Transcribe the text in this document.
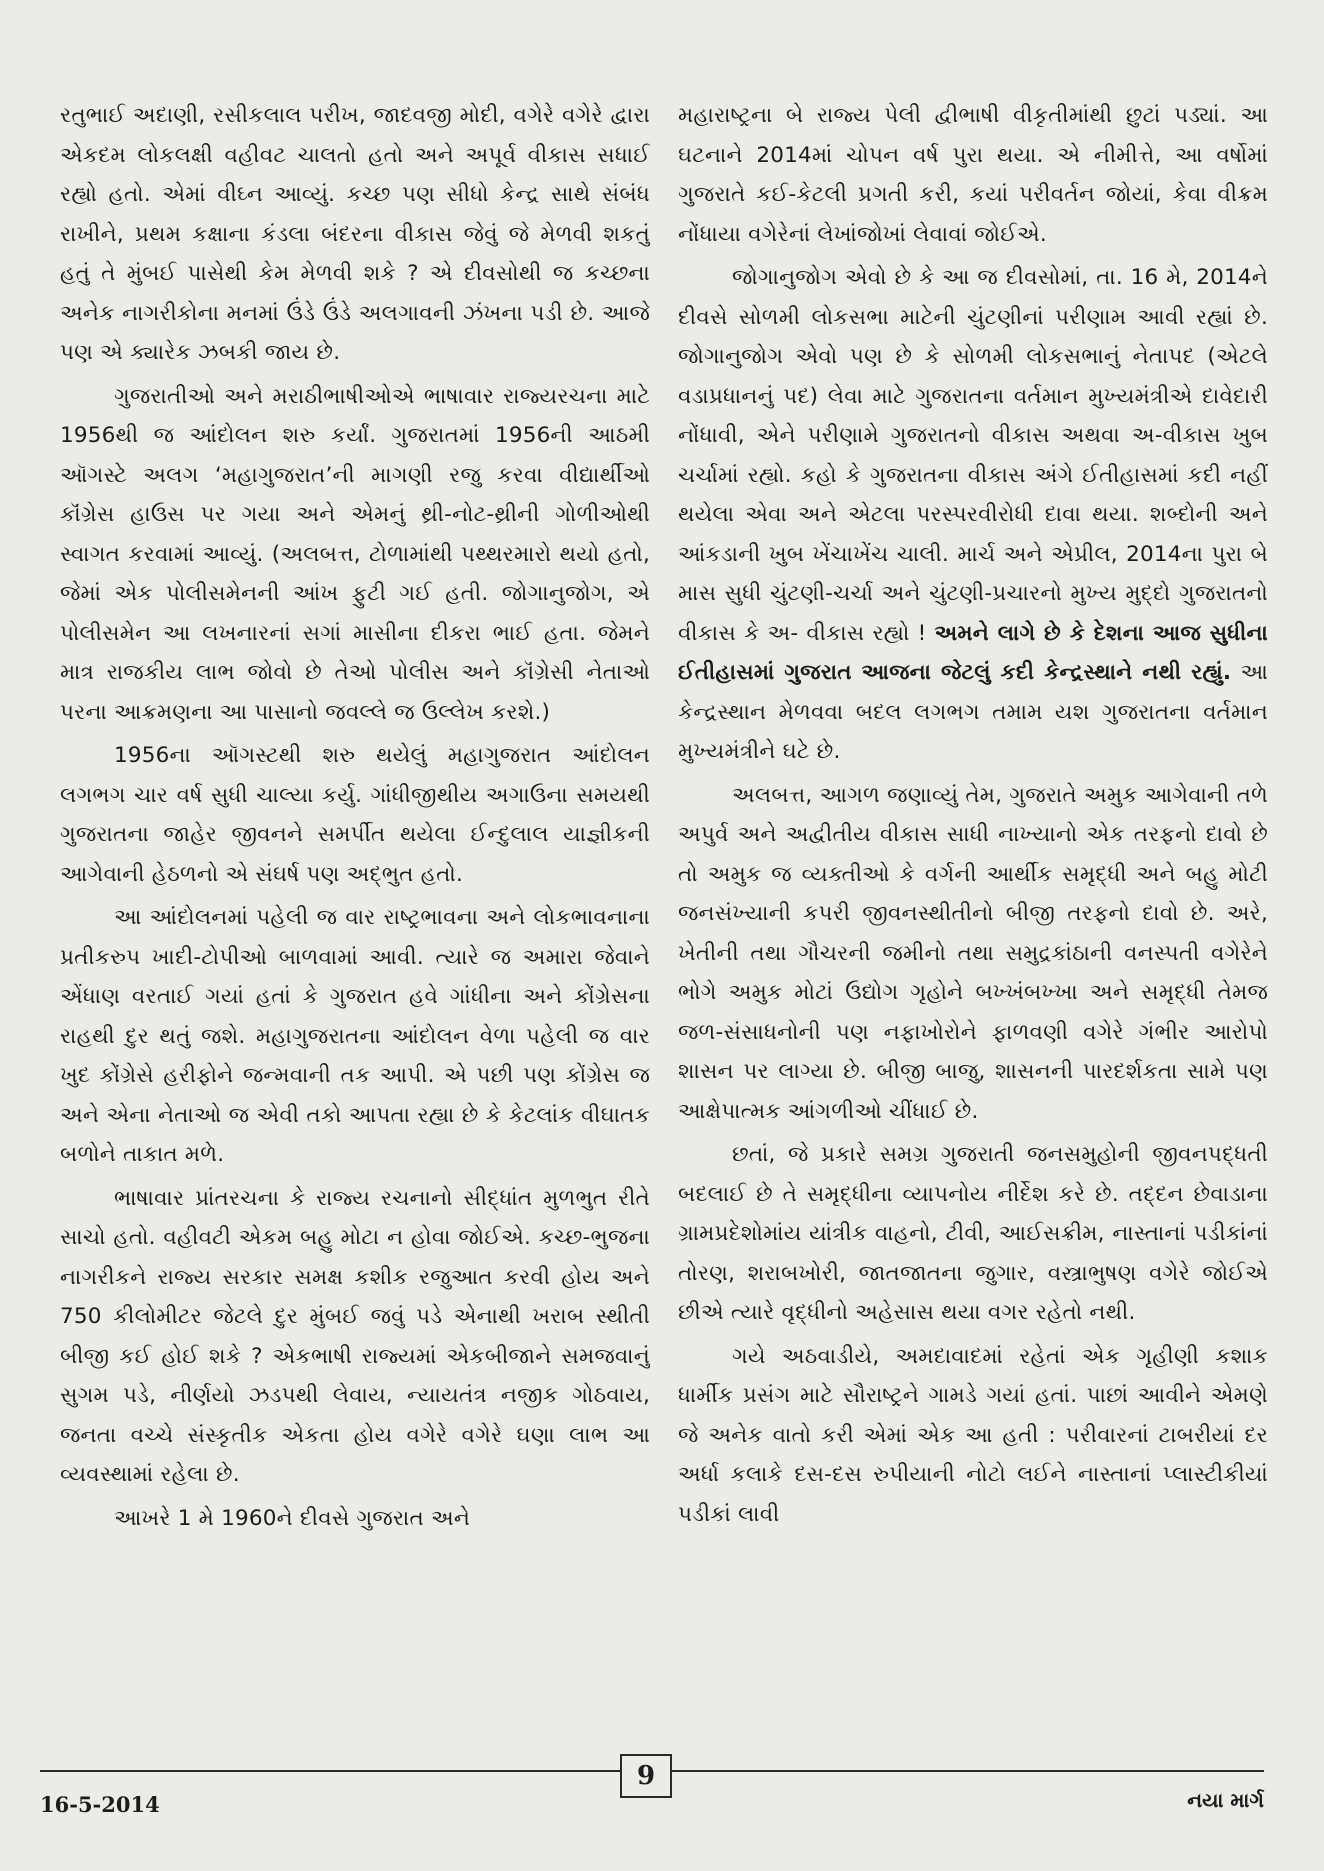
રતુભાઈ અદાણી, રસીકલાલ પરીખ, જાદવજી મોદી, વગેરે વગેરે દ્વારા એકદમ લોકલક્ષી વહીવટ ચાલતો હતો અને અપૂર્વ વીકાસ સધાઈ રહ્યો હતો. એમાં વીઘ્ન આવ્યું. કચ્છ પણ સીધો કેન્દ્ર સાથે સંબંધ રાખીને, પ્રથમ કક્ષાના કંડલા બંદરના વીકાસ જેવું જે મેળવી શકતું હતું તે મુંબઈ પાસેથી કેમ મેળવી શકે ? એ દીવસોથી જ કચ્છના અનેક નાગરીકોના મનમાં ઉંડે ઉંડે અલગાવની ઝંખના પડી છે. આજે પણ એ ક્યારેક ઝબકી જાય છે.

ગુજરાતીઓ અને મરાઠીભાષીઓએ ભાષાવાર રાજ્યરચના માટે 1956થી જ આંદોલન શરુ કર્યાં. ગુજરાતમાં 1956ની આઠમી ઑગસ્ટે અલગ ‘મહાગુજરાત’ની માગણી રજુ કરવા વીદ્યાર્થીઓ કૉંગ્રેસ હાઉસ પર ગયા અને એમનું થ્રી-નોટ-થ્રીની ગોળીઓથી સ્વાગત કરવામાં આવ્યું. (અલબત્ત, ટોળામાંથી પથ્થરમારો થયો હતો, જેમાં એક પોલીસમેનની આંખ ફુટી ગઈ હતી. જોગાનુજોગ, એ પોલીસમેન આ લખનારનાં સગાં માસીના દીકરા ભાઈ હતા. જેમને માત્ર રાજકીય લાભ જોવો છે તેઓ પોલીસ અને કૉંગ્રેસી નેતાઓ પરના આક્રમણના આ પાસાનો જવલ્લે જ ઉલ્લેખ કરશે.)

1956ના ઑગસ્ટથી શરુ થયેલું મહાગુજરાત આંદોલન લગભગ ચાર વર્ષ સુધી ચાલ્યા કર્યુ. ગાંધીજીથીય અગાઉના સમયથી ગુજરાતના જાહેર જીવનને સમર્પીત થયેલા ઈન્દુલાલ યાજ્ઞીકની આગેવાની હેઠળનો એ સંઘર્ષ પણ અદ્ભુત હતો.

આ આંદોલનમાં પહેલી જ વાર રાષ્ટ્રભાવના અને લોકભાવનાના પ્રતીકરુપ ખાદી-ટોપીઓ બાળવામાં આવી. ત્યારે જ અમારા જેવાને એંધાણ વરતાઈ ગયાં હતાં કે ગુજરાત હવે ગાંધીના અને કોંગ્રેસના રાહથી દુર થતું જશે. મહાગુજરાતના આંદોલન વેળા પહેલી જ વાર ખુદ કોંગ્રેસે હરીફોને જન્મવાની તક આપી. એ પછી પણ કોંગ્રેસ જ અને એના નેતાઓ જ એવી તકો આપતા રહ્યા છે કે કેટલાંક વીઘાતક બળોને તાકાત મળે.

ભાષાવાર પ્રાંતરચના કે રાજ્ય રચનાનો સીદ્ધાંત મુળભુત રીતે સાચો હતો. વહીવટી એકમ બહુ મોટા ન હોવા જોઈએ. કચ્છ-ભુજના નાગરીકને રાજ્ય સરકાર સમક્ષ કશીક રજુઆત કરવી હોય અને 750 કીલોમીટર જેટલે દુર મુંબઈ જવું પડે એનાથી ખરાબ સ્થીતી બીજી કઈ હોઈ શકે ? એકભાષી રાજ્યમાં એકબીજાને સમજવાનું સુગમ પડે, નીર્ણયો ઝડપથી લેવાય, ન્યાયતંત્ર નજીક ગોઠવાય, જનતા વચ્ચે સંસ્કૃતીક એકતા હોય વગેરે વગેરે ઘણા લાભ આ વ્યવસ્થામાં રહેલા છે.

આખરે 1 મે 1960ને દીવસે ગુજરાત અને

મહારાષ્ટ્રના બે રાજ્ય પેલી દ્વીભાષી વીકૃતીમાંથી છુટાં પડ્યાં. આ ઘટનાને 2014માં ચોપન વર્ષ પુરા થયા. એ નીમીત્તે, આ વર્ષોમાં ગુજરાતે કઈ-કેટલી પ્રગતી કરી, કયાં પરીવર્તન જોયાં, કેવા વીક્રમ નોંધાયા વગેરેનાં લેખાંજોખાં લેવાવાં જોઈએ.

જોગાનુજોગ એવો છે કે આ જ દીવસોમાં, તા. 16 મે, 2014ને દીવસે સોળમી લોકસભા માટેની ચુંટણીનાં પરીણામ આવી રહ્યાં છે. જોગાનુજોગ એવો પણ છે કે સોળમી લોકસભાનું નેતાપદ (એટલે વડાપ્રધાનનું પદ) લેવા માટે ગુજરાતના વર્તમાન મુખ્યમંત્રીએ દાવેદારી નોંધાવી, એને પરીણામે ગુજરાતનો વીકાસ અથવા અ-વીકાસ ખુબ ચર્ચામાં રહ્યો. કહો કે ગુજરાતના વીકાસ અંગે ઈતીહાસમાં કદી નહીં થયેલા એવા અને એટલા પરસ્પરવીરોધી દાવા થયા. શબ્દોની અને આંકડાની ખુબ ખેંચાખેંચ ચાલી. માર્ચ અને એપ્રીલ, 2014ના પુરા બે માસ સુધી ચુંટણી-ચર્ચા અને ચુંટણી-પ્રચારનો મુખ્ય મુદ્દો ગુજરાતનો વીકાસ કે અ- વીકાસ રહ્યો ! અમને લાગે છે કે દેશના આજ સુધીના ઈતીહાસમાં ગુજરાત આજના જેટલું કદી કેન્દ્રસ્થાને નથી રહ્યું. આ કેન્દ્રસ્થાન મેળવવા બદલ લગભગ તમામ યશ ગુજરાતના વર્તમાન મુખ્યમંત્રીને ઘટે છે.

અલબત્ત, આગળ જણાવ્યું તેમ, ગુજરાતે અમુક આગેવાની તળે અપુર્વ અને અદ્વીતીય વીકાસ સાધી નાખ્યાનો એક તરફનો દાવો છે તો અમુક જ વ્યક્તીઓ કે વર્ગની આર્થીક સમૃદ્ધી અને બહુ મોટી જનસંખ્યાની કપરી જીવનસ્થીતીનો બીજી તરફનો દાવો છે. અરે, ખેતીની તથા ગૌચરની જમીનો તથા સમુદ્રકાંઠાની વનસ્પતી વગેરેને ભોગે અમુક મોટાં ઉદ્યોગ ગૃહોને બખ્ખંબખ્ખા અને સમૃદ્ધી તેમજ જળ-સંસાધનોની પણ નફાખોરોને ફાળવણી વગેરે ગંભીર આરોપો શાસન પર લાગ્યા છે. બીજી બાજુ, શાસનની પારદર્શકતા સામે પણ આક્ષેપાત્મક આંગળીઓ ચીંધાઈ છે.

છતાં, જે પ્રકારે સમગ્ર ગુજરાતી જનસમુહોની જીવનપદ્ધતી બદલાઈ છે તે સમૃદ્ધીના વ્યાપનોય નીર્દેશ કરે છે. તદ્દન છેવાડાના ગ્રામપ્રદેશોમાંય યાંત્રીક વાહનો, ટીવી, આઈસક્રીમ, નાસ્તાનાં પડીકાંનાં તોરણ, શરાબખોરી, જાતજાતના જુગાર, વસ્ત્રાભુષણ વગેરે જોઈએ છીએ ત્યારે વૃદ્ધીનો અહેસાસ થયા વગર રહેતો નથી.

ગયે અઠવાડીયે, અમદાવાદમાં રહેતાં એક ગૃહીણી કશાક ધાર્મીક પ્રસંગ માટે સૌરાષ્ટ્રને ગામડે ગયાં હતાં. પાછાં આવીને એમણે જે અનેક વાતો કરી એમાં એક આ હતી : પરીવારનાં ટાબરીયાં દર અર્ધા કલાકે દસ-દસ રુપીયાની નોટો લઈને નાસ્તાનાં પ્લાસ્ટીકીયાં પડીકાં લાવી

16-5-2014
9
નયા માર્ગ
